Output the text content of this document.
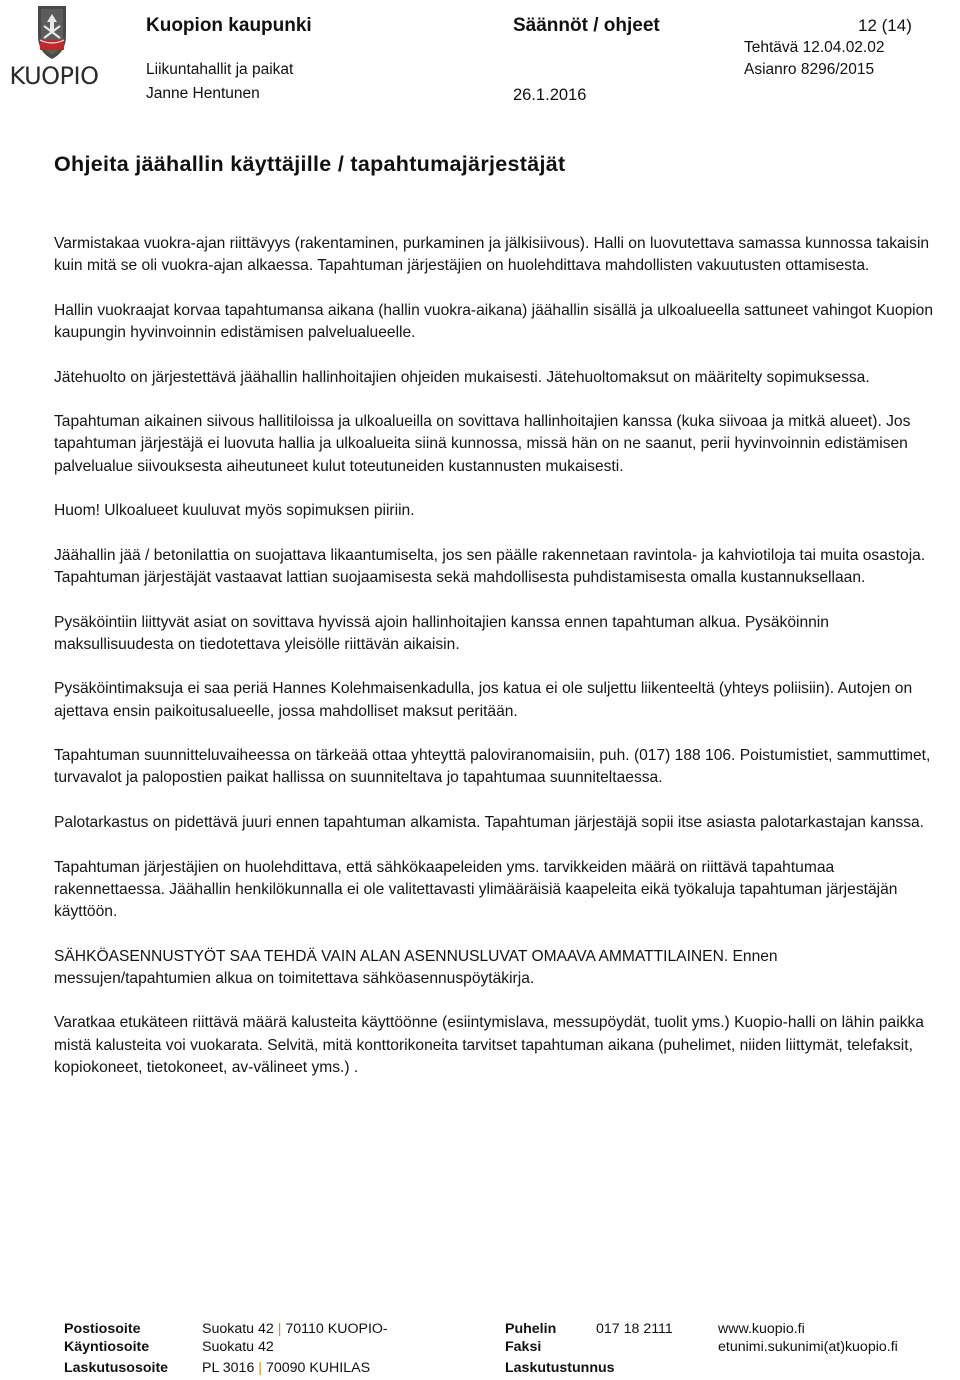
KUOPIO
Kuopion kaupunki	Säännöt / ohjeet	12 (14)
Tehtävä 12.04.02.02
Liikuntahallit ja paikat	Asianro 8296/2015
Janne Hentunen	26.1.2016
Ohjeita jäähallin käyttäjille / tapahtumajärjestäjät

Varmistakaa vuokra-ajan riittävyys (rakentaminen, purkaminen ja jälkisiivous). Halli on luovutettava samassa kunnossa takaisin kuin mitä se oli vuokra-ajan alkaessa. Tapahtuman järjestäjien on huolehdittava mahdollisten vakuutusten ottamisesta.

Hallin vuokraajat korvaa tapahtumansa aikana (hallin vuokra-aikana) jäähallin sisällä ja ulkoalueella sattuneet vahingot Kuopion kaupungin hyvinvoinnin edistämisen palvelualueelle.

Jätehuolto on järjestettävä jäähallin hallinhoitajien ohjeiden mukaisesti. Jätehuoltomaksut on määritelty sopimuksessa.

Tapahtuman aikainen siivous hallitiloissa ja ulkoalueilla on sovittava hallinhoitajien kanssa (kuka siivoaa ja mitkä alueet). Jos tapahtuman järjestäjä ei luovuta hallia ja ulkoalueita siinä kunnossa, missä hän on ne saanut, perii hyvinvoinnin edistämisen palvelualue siivouksesta aiheutuneet kulut toteutuneiden kustannusten mukaisesti.

Huom! Ulkoalueet kuuluvat myös sopimuksen piiriin.

Jäähallin jää / betonilattia on suojattava likaantumiselta, jos sen päälle rakennetaan ravintola- ja kahviotiloja tai muita osastoja. Tapahtuman järjestäjät vastaavat lattian suojaamisesta sekä mahdollisesta puhdistamisesta omalla kustannuksellaan.

Pysäköintiin liittyvät asiat on sovittava hyvissä ajoin hallinhoitajien kanssa ennen tapahtuman alkua. Pysäköinnin maksullisuudesta on tiedotettava yleisölle riittävän aikaisin.

Pysäköintimaksuja ei saa periä Hannes Kolehmaisenkadulla, jos katua ei ole suljettu liikenteeltä (yhteys poliisiin). Autojen on ajettava ensin paikoitusalueelle, jossa mahdolliset maksut peritään.

Tapahtuman suunnitteluvaiheessa on tärkeää ottaa yhteyttä paloviranomaisiin, puh. (017) 188 106. Poistumistiet, sammuttimet, turvavalot ja palopostien paikat hallissa on suunniteltava jo tapahtumaa suunniteltaessa.

Palotarkastus on pidettävä juuri ennen tapahtuman alkamista. Tapahtuman järjestäjä sopii itse asiasta palotarkastajan kanssa.

Tapahtuman järjestäjien on huolehdittava, että sähkökaapeleiden yms. tarvikkeiden määrä on riittävä tapahtumaa rakennettaessa. Jäähallin henkilökunnalla ei ole valitettavasti ylimääräisiä kaapeleita eikä työkaluja tapahtuman järjestäjän käyttöön.

SÄHKÖASENNUSTYÖT SAA TEHDÄ VAIN ALAN ASENNUSLUVAT OMAAVA AMMATTILAINEN. Ennen messujen/tapahtumien alkua on toimitettava sähköasennuspöytäkirja.

Varatkaa etukäteen riittävä määrä kalusteita käyttöönne (esiintymislava, messupöydät, tuolit yms.) Kuopio-halli on lähin paikka mistä kalusteita voi vuokarata. Selvitä, mitä konttorikoneita tarvitset tapahtuman aikana (puhelimet, niiden liittymät, telefaksit, kopiokoneet, tietokoneet, av-välineet yms.) .

Postiosoite	Suokatu 42 | 70110 KUOPIO-	Puhelin	017 18 2111	www.kuopio.fi
Käyntiosoite	Suokatu 42	Faksi	etunimi.sukunimi(at)kuopio.fi
Laskutusosoite PL 3016 | 70090 KUHILAS	Laskutustunnus
